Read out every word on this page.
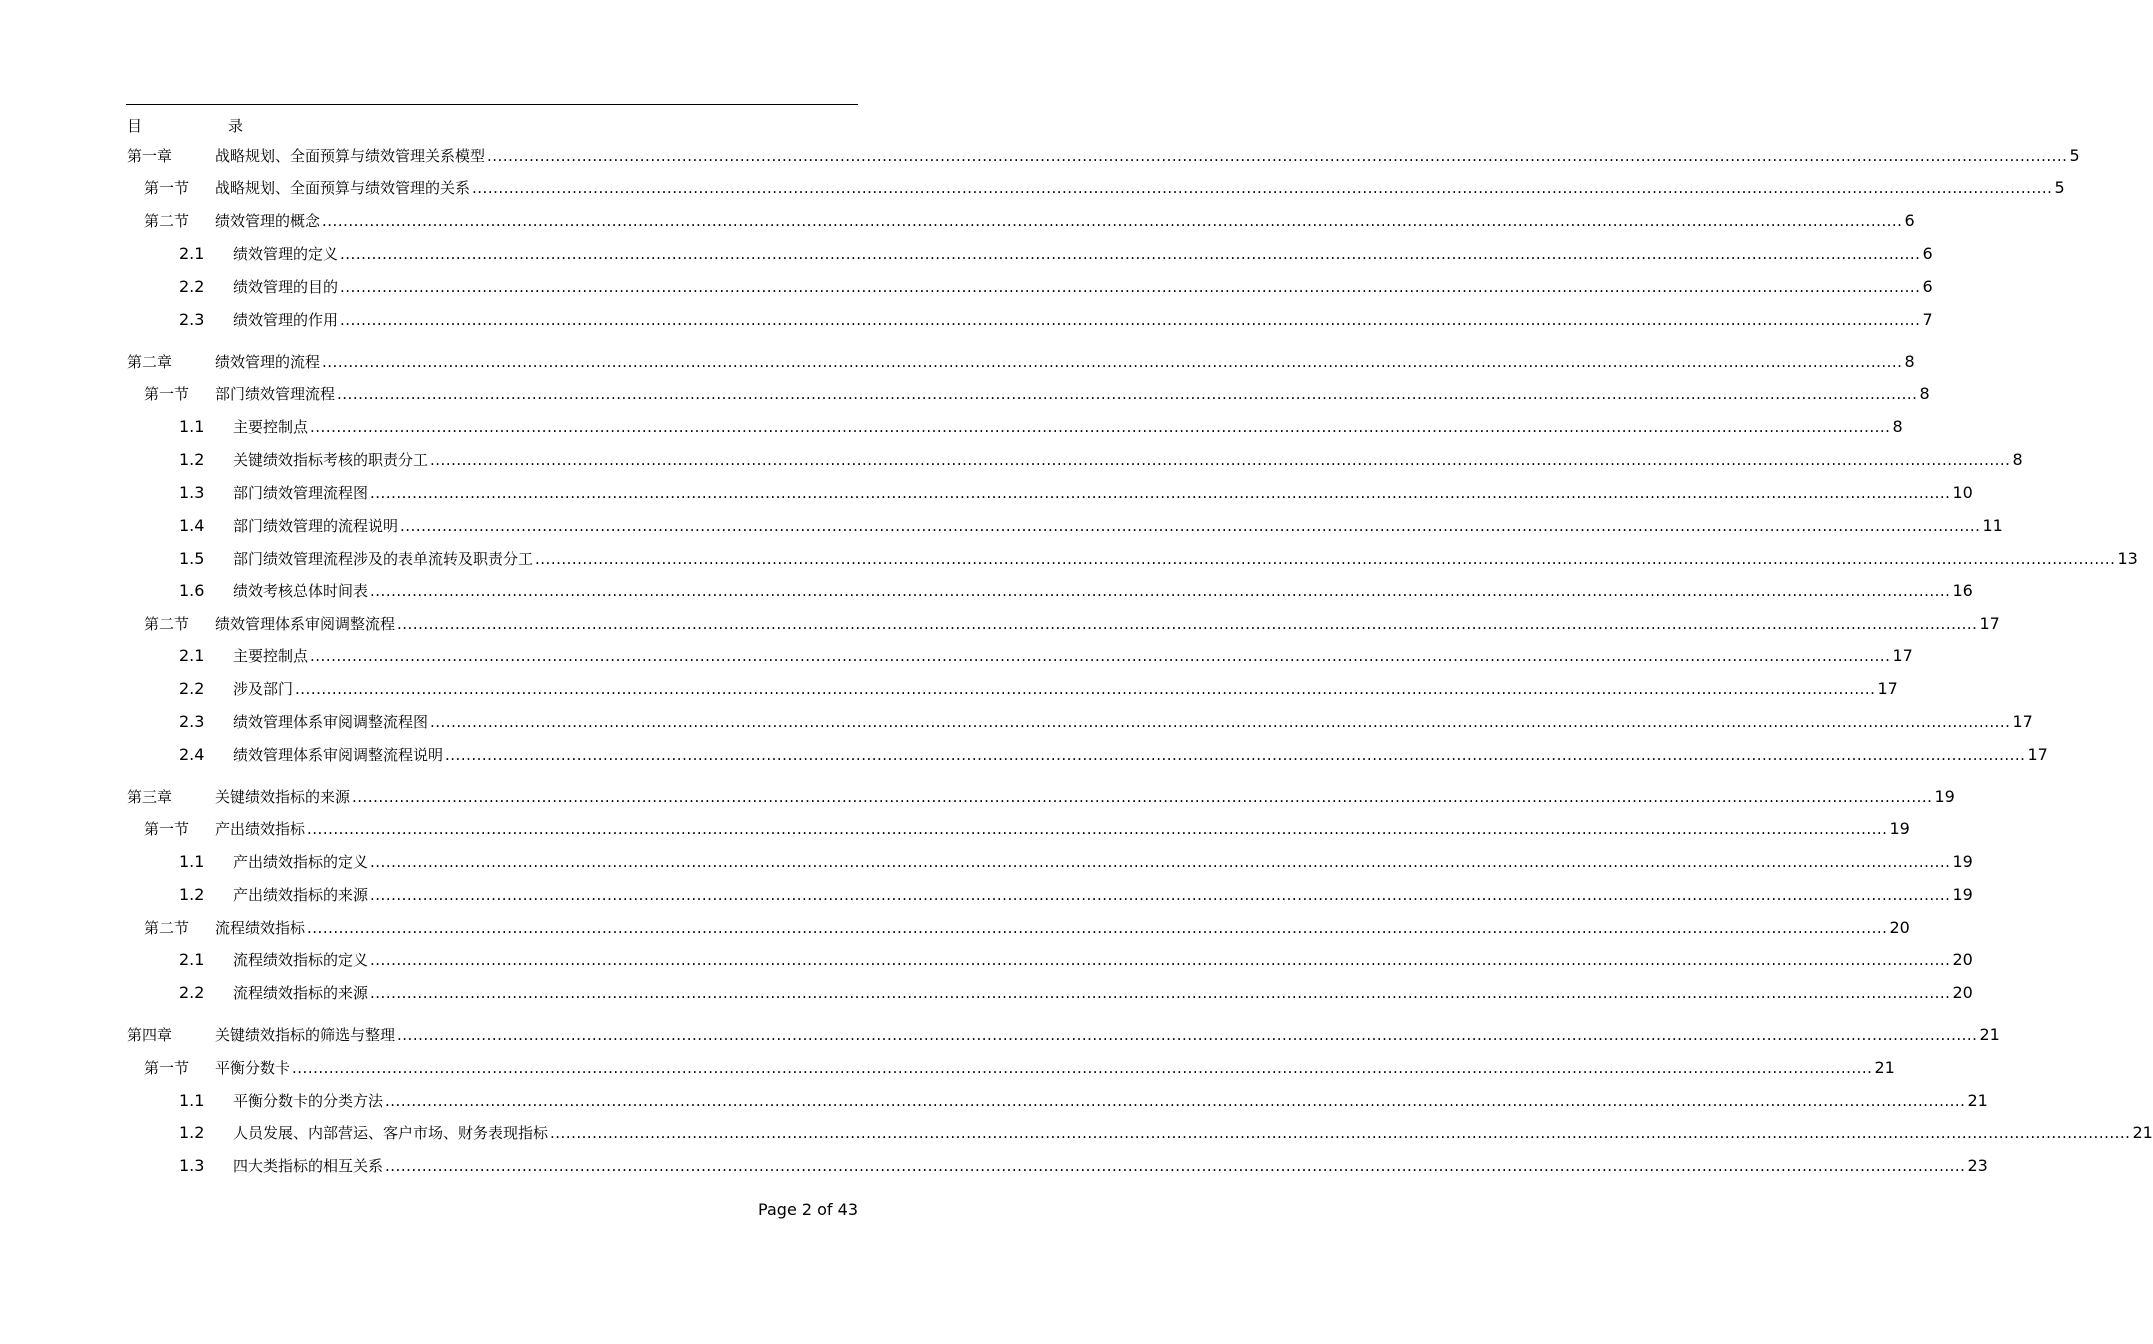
目	录
第一章	战略规划、全面预算与绩效管理关系模型 ............................................................................................................................................................................................................................................................................................................ 5
第一节	战略规划、全面预算与绩效管理的关系 ............................................................................................................................................................................................................................................................................................................ 5
第二节	绩效管理的概念 ............................................................................................................................................................................................................................................................................................................ 6
2.1	绩效管理的定义 ............................................................................................................................................................................................................................................................................................................ 6
2.2	绩效管理的目的 ............................................................................................................................................................................................................................................................................................................ 6
2.3	绩效管理的作用 ............................................................................................................................................................................................................................................................................................................ 7
第二章	绩效管理的流程 ............................................................................................................................................................................................................................................................................................................ 8
第一节	部门绩效管理流程 ............................................................................................................................................................................................................................................................................................................ 8
1.1	主要控制点 ............................................................................................................................................................................................................................................................................................................ 8
1.2	关键绩效指标考核的职责分工 ............................................................................................................................................................................................................................................................................................................ 8
1.3	部门绩效管理流程图 ............................................................................................................................................................................................................................................................................................................ 10
1.4	部门绩效管理的流程说明 ............................................................................................................................................................................................................................................................................................................ 11
1.5	部门绩效管理流程涉及的表单流转及职责分工 ............................................................................................................................................................................................................................................................................................................ 13
1.6	绩效考核总体时间表 ............................................................................................................................................................................................................................................................................................................ 16
第二节	绩效管理体系审阅调整流程 ............................................................................................................................................................................................................................................................................................................ 17
2.1	主要控制点 ............................................................................................................................................................................................................................................................................................................ 17
2.2	涉及部门 ............................................................................................................................................................................................................................................................................................................ 17
2.3	绩效管理体系审阅调整流程图 ............................................................................................................................................................................................................................................................................................................ 17
2.4	绩效管理体系审阅调整流程说明 ............................................................................................................................................................................................................................................................................................................ 17
第三章	关键绩效指标的来源 ............................................................................................................................................................................................................................................................................................................ 19
第一节	产出绩效指标 ............................................................................................................................................................................................................................................................................................................ 19
1.1	产出绩效指标的定义 ............................................................................................................................................................................................................................................................................................................ 19
1.2	产出绩效指标的来源 ............................................................................................................................................................................................................................................................................................................ 19
第二节	流程绩效指标 ............................................................................................................................................................................................................................................................................................................ 20
2.1	流程绩效指标的定义 ............................................................................................................................................................................................................................................................................................................ 20
2.2	流程绩效指标的来源 ............................................................................................................................................................................................................................................................................................................ 20
第四章	关键绩效指标的筛选与整理 ............................................................................................................................................................................................................................................................................................................ 21
第一节	平衡分数卡 ............................................................................................................................................................................................................................................................................................................ 21
1.1	平衡分数卡的分类方法 ............................................................................................................................................................................................................................................................................................................ 21
1.2	人员发展、内部营运、客户市场、财务表现指标 ............................................................................................................................................................................................................................................................................................................ 21
1.3	四大类指标的相互关系 ............................................................................................................................................................................................................................................................................................................ 23
Page 2 of 43
